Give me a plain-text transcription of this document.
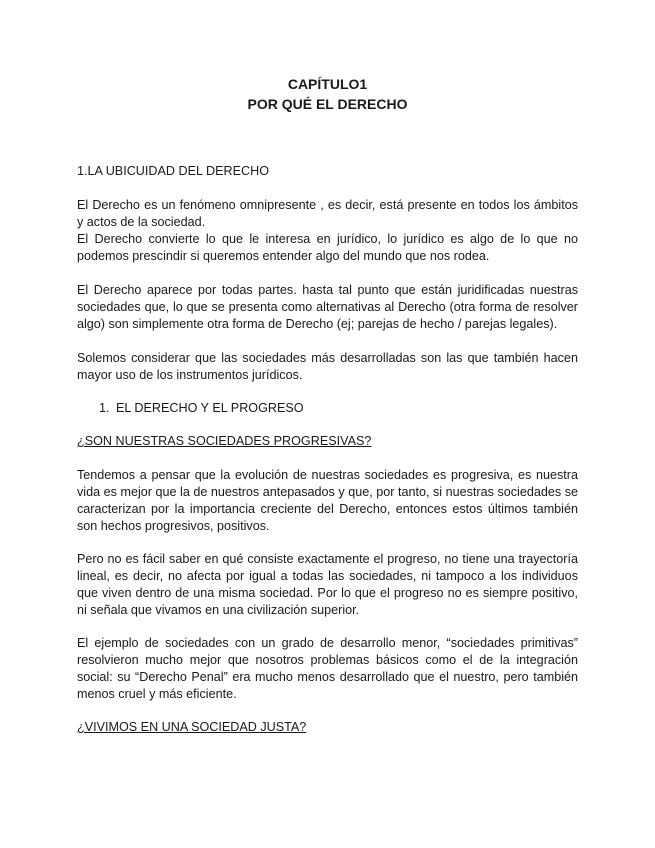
CAPÍTULO1
POR QUÉ EL DERECHO
1.LA UBICUIDAD DEL DERECHO

El Derecho es un fenómeno omnipresente , es decir, está presente en todos los ámbitos y actos de la sociedad.

El Derecho convierte lo que le interesa en jurídico, lo jurídico es algo de lo que no podemos prescindir si queremos entender algo del mundo que nos rodea.

El Derecho aparece por todas partes. hasta tal punto que están juridificadas nuestras sociedades que, lo que se presenta como alternativas al Derecho (otra forma de resolver algo) son simplemente otra forma de Derecho (ej; parejas de hecho / parejas legales).

Solemos considerar que las sociedades más desarrolladas son las que también hacen mayor uso de los instrumentos jurídicos.

1. EL DERECHO Y EL PROGRESO
¿SON NUESTRAS SOCIEDADES PROGRESIVAS?

Tendemos a pensar que la evolución de nuestras sociedades es progresiva, es nuestra vida es mejor que la de nuestros antepasados y que, por tanto, si nuestras sociedades se caracterizan por la importancia creciente del Derecho, entonces estos últimos también son hechos progresivos, positivos.

Pero no es fácil saber en qué consiste exactamente el progreso, no tiene una trayectoría lineal, es decir, no afecta por igual a todas las sociedades, ni tampoco a los individuos que viven dentro de una misma sociedad. Por lo que el progreso no es siempre positivo, ni señala que vivamos en una civilización superior.

El ejemplo de sociedades con un grado de desarrollo menor, “sociedades primitivas” resolvieron mucho mejor que nosotros problemas básicos como el de la integración social: su “Derecho Penal” era mucho menos desarrollado que el nuestro, pero también menos cruel y más eficiente.

¿VIVIMOS EN UNA SOCIEDAD JUSTA?
